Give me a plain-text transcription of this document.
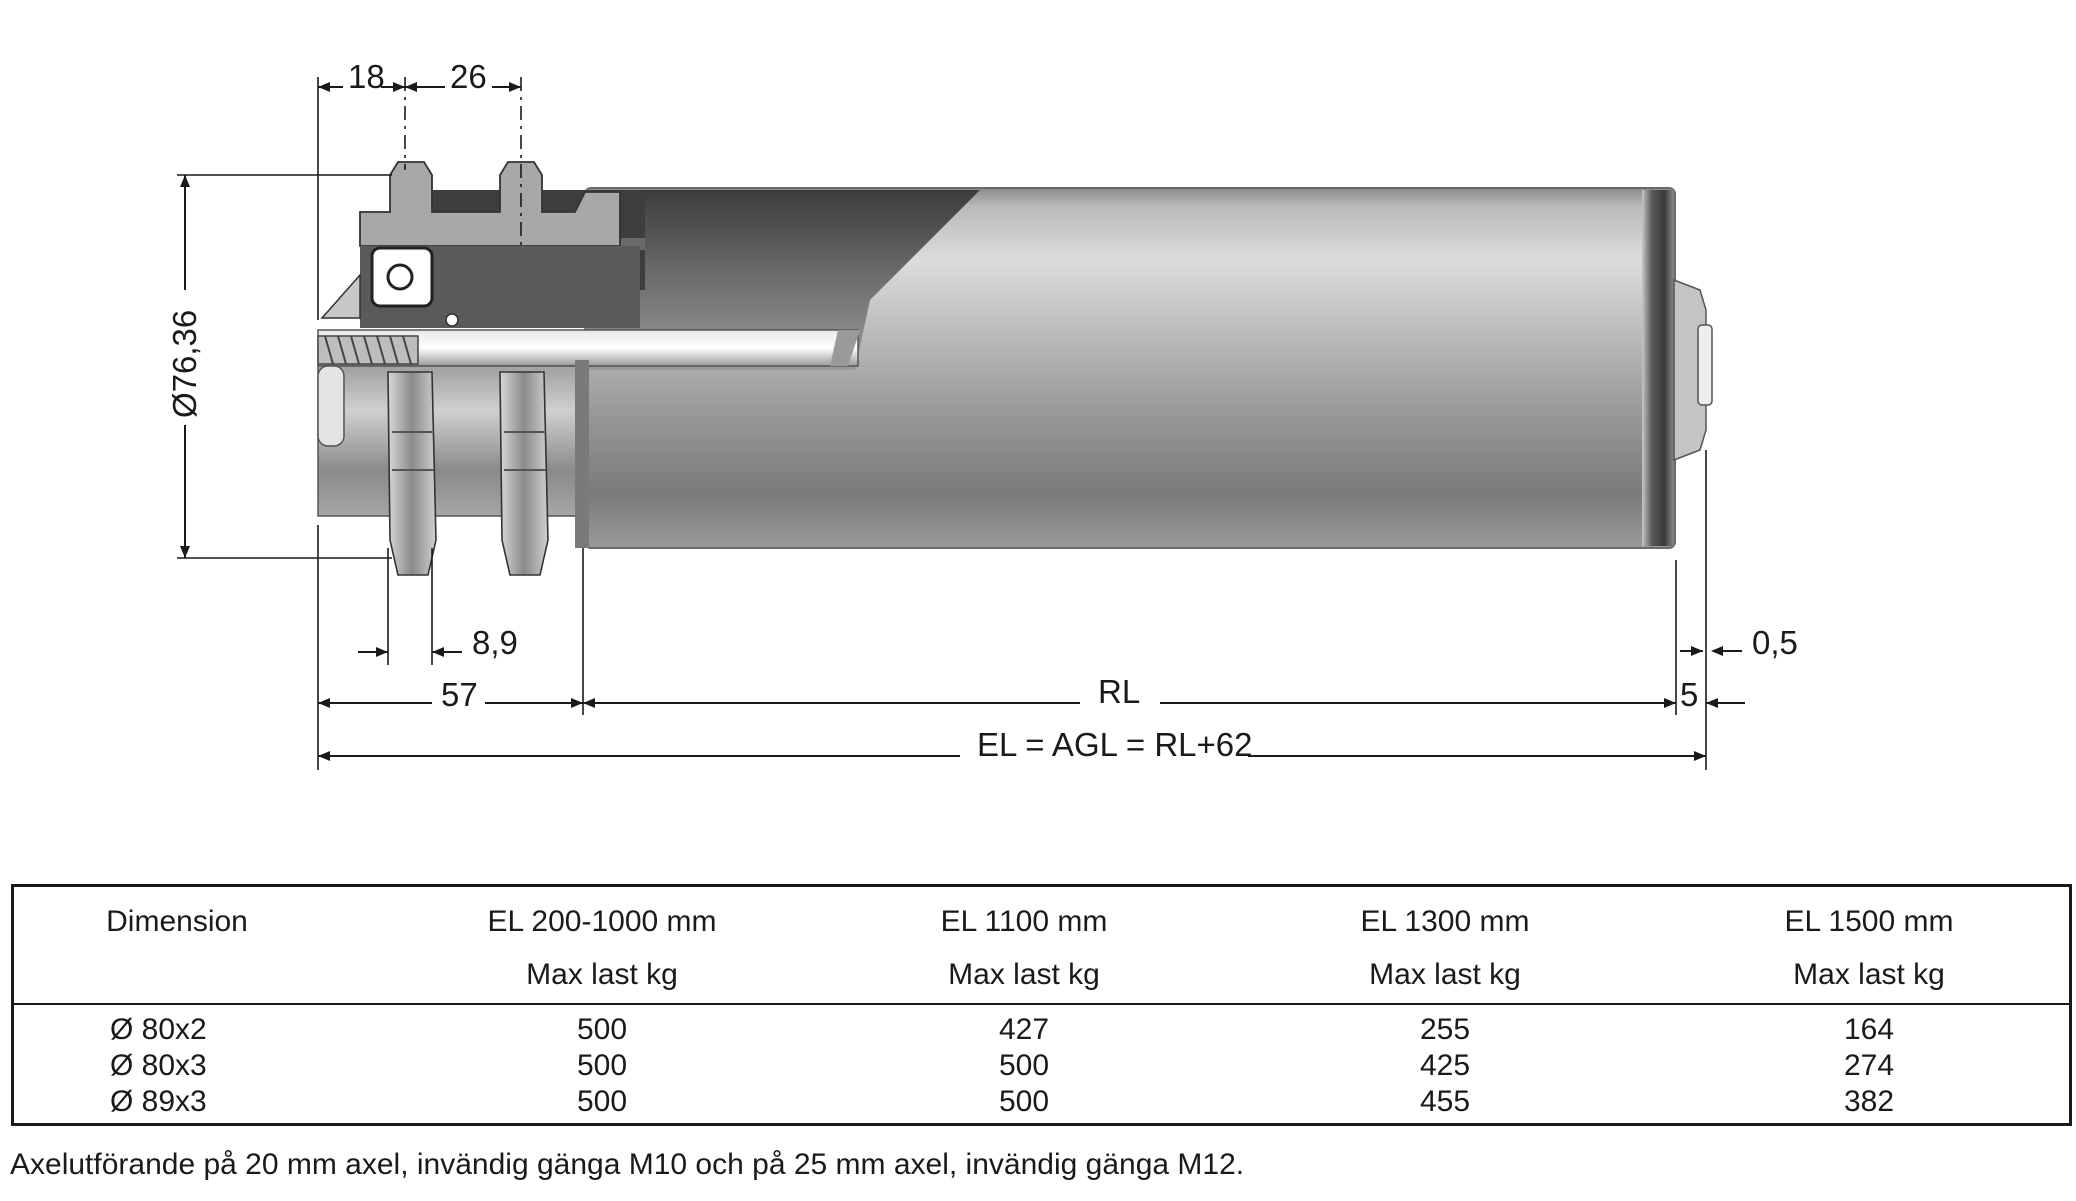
18 26
Ø76,36
8,9	0,5
57	RL	5
EL = AGL = RL+62
Dimension	EL 200-1000 mm	EL 1100 mm	EL 1300 mm	EL 1500 mm
Max last kg	Max last kg	Max last kg	Max last kg
Ø 80x2	500	427	255	164
Ø 80x3	500	500	425	274
Ø 89x3	500	500	455	382
Axelutförande på 20 mm axel, invändig gänga M10 och på 25 mm axel, invändig gänga M12.
